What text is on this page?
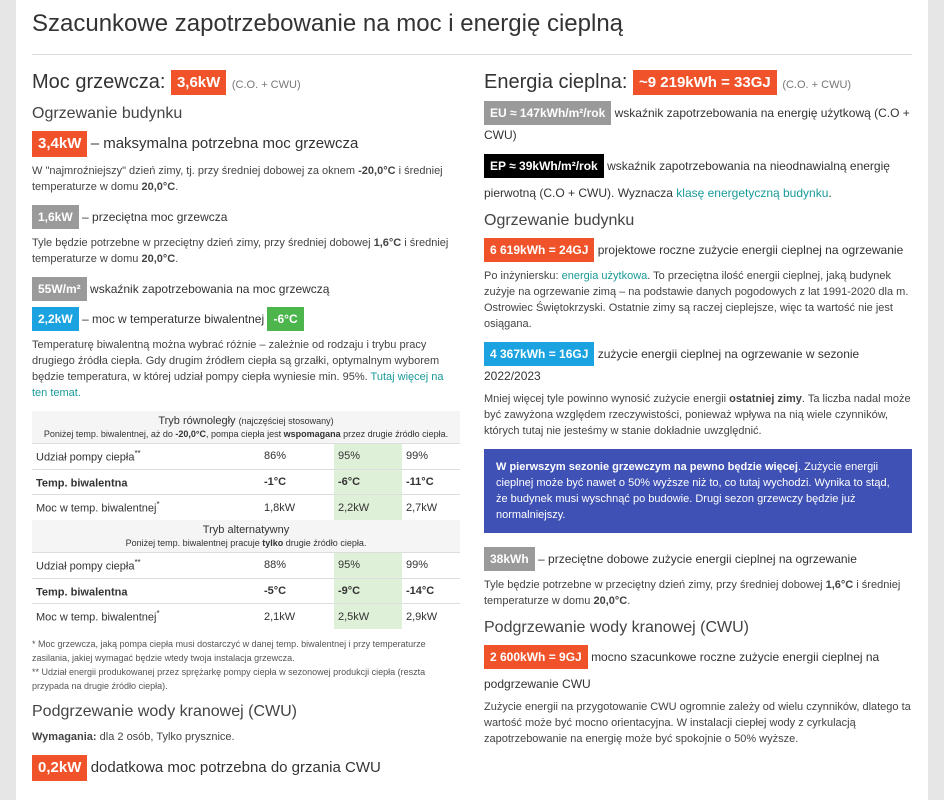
Szacunkowe zapotrzebowanie na moc i energię cieplną
Moc grzewcza: 3,6kW (C.O. + CWU)
Ogrzewanie budynku
3,4kW – maksymalna potrzebna moc grzewcza

W "najmroźniejszy" dzień zimy, tj. przy średniej dobowej za oknem -20,0°C i średniej temperaturze w domu 20,0°C.

1,6kW – przeciętna moc grzewcza

Tyle będzie potrzebne w przeciętny dzień zimy, przy średniej dobowej 1,6°C i średniej temperaturze w domu 20,0°C.

55W/m² wskaźnik zapotrzebowania na moc grzewczą
2,2kW – moc w temperaturze biwalentnej -6°C

Temperaturę biwalentną można wybrać różnie – zależnie od rodzaju i trybu pracy drugiego źródła ciepła. Gdy drugim źródłem ciepła są grzałki, optymalnym wyborem będzie temperatura, w której udział pompy ciepła wyniesie min. 95%. Tutaj więcej na ten temat.

Tryb równoległy (najczęściej stosowany)
Poniżej temp. biwalentnej, aż do -20,0°C, pompa ciepła jest wspomagana przez drugie źródło ciepła.
Udział pompy ciepła**	86%	95%	99%
Temp. biwalentna	-1°C	-6°C	-11°C
Moc w temp. biwalentnej*	1,8kW	2,2kW	2,7kW
Tryb alternatywny
Poniżej temp. biwalentnej pracuje tylko drugie źródło ciepła.
Udział pompy ciepła**	88%	95%	99%
Temp. biwalentna	-5°C	-9°C	-14°C
Moc w temp. biwalentnej*	2,1kW	2,5kW	2,9kW
* Moc grzewcza, jaką pompa ciepła musi dostarczyć w danej temp. biwalentnej i przy temperaturze zasilania, jakiej wymagać będzie wtedy twoja instalacja grzewcza.
** Udział energii produkowanej przez sprężarkę pompy ciepła w sezonowej produkcji ciepła (reszta przypada na drugie źródło ciepła).
Podgrzewanie wody kranowej (CWU)

Wymagania: dla 2 osób, Tylko prysznice.

0,2kW dodatkowa moc potrzebna do grzania CWU
Energia cieplna: ~9 219kWh = 33GJ (C.O. + CWU)
EU ≈ 147kWh/m²/rok wskaźnik zapotrzebowania na energię użytkową (C.O + CWU)
EP ≈ 39kWh/m²/rok wskaźnik zapotrzebowania na nieodnawialną energię
pierwotną (C.O + CWU). Wyznacza klasę energetyczną budynku.
Ogrzewanie budynku
6 619kWh = 24GJ projektowe roczne zużycie energii cieplnej na ogrzewanie

Po inżyniersku: energia użytkowa. To przeciętna ilość energii cieplnej, jaką budynek zużyje na ogrzewanie zimą – na podstawie danych pogodowych z lat 1991-2020 dla m. Ostrowiec Świętokrzyski. Ostatnie zimy są raczej cieplejsze, więc ta wartość nie jest osiągana.

4 367kWh = 16GJ zużycie energii cieplnej na ogrzewanie w sezonie 2022/2023

Mniej więcej tyle powinno wynosić zużycie energii ostatniej zimy. Ta liczba nadal może być zawyżona względem rzeczywistości, ponieważ wpływa na nią wiele czynników, których tutaj nie jesteśmy w stanie dokładnie uwzględnić.

W pierwszym sezonie grzewczym na pewno będzie więcej. Zużycie energii cieplnej może być nawet o 50% wyższe niż to, co tutaj wychodzi. Wynika to stąd, że budynek musi wyschnąć po budowie. Drugi sezon grzewczy będzie już normalniejszy.
38kWh – przeciętne dobowe zużycie energii cieplnej na ogrzewanie

Tyle będzie potrzebne w przeciętny dzień zimy, przy średniej dobowej 1,6°C i średniej temperaturze w domu 20,0°C.

Podgrzewanie wody kranowej (CWU)
2 600kWh = 9GJ mocno szacunkowe roczne zużycie energii cieplnej na
podgrzewanie CWU

Zużycie energii na przygotowanie CWU ogromnie zależy od wielu czynników, dlatego ta wartość może być mocno orientacyjna. W instalacji ciepłej wody z cyrkulacją zapotrzebowanie na energię może być spokojnie o 50% wyższe.
